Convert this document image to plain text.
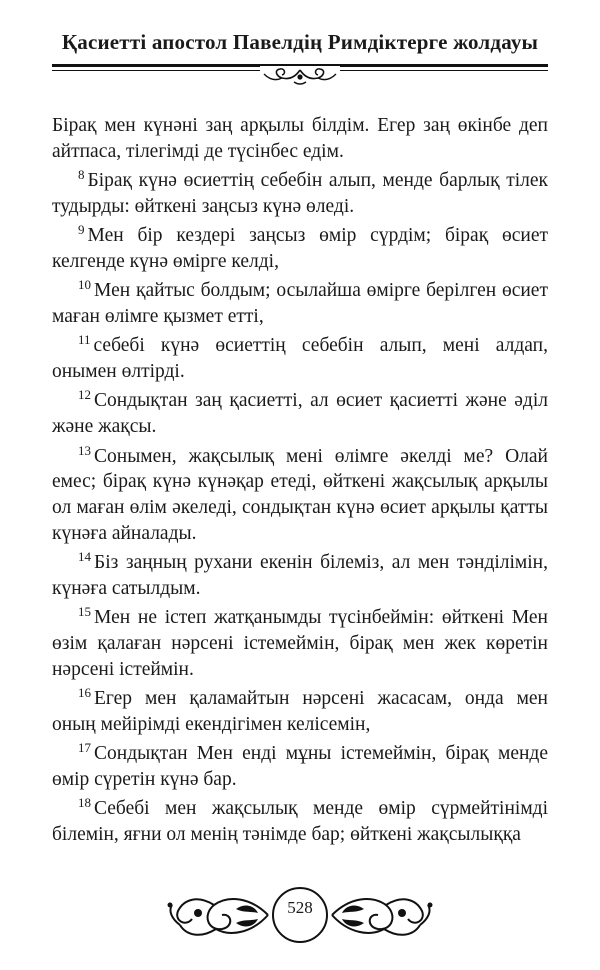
Қасиетті апостол Павелдің Римдіктерге жолдауы

Бірақ мен күнәні заң арқылы білдім. Егер заң өкінбе деп айтпаса, тілегімді де түсінбес едім.

$^8$ Бірақ күнә өсиеттің себебін алып, менде барлық тілек тудырды: өйткені заңсыз күнә өледі.

$^9$ Мен бір кездері заңсыз өмір сүрдім; бірақ өсиет келгенде күнә өмірге келді,

$^{10}$ Мен қайтыс болдым; осылайша өмірге берілген өсиет маған өлімге қызмет етті,

$^{11}$ себебі күнә өсиеттің себебін алып, мені алдап, онымен өлтірді.

$^{12}$ Сондықтан заң қасиетті, ал өсиет қасиетті және әділ және жақсы.

$^{13}$ Сонымен, жақсылық мені өлімге әкелді ме? Олай емес; бірақ күнә күнәқар етеді, өйткені жақсылық арқылы ол маған өлім әкеледі, сондықтан күнә өсиет арқылы қатты күнәға айналады.

$^{14}$ Біз заңның рухани екенін білеміз, ал мен тәнділімін, күнәға сатылдым.

$^{15}$ Мен не істеп жатқанымды түсінбеймін: өйткені Мен өзім қалаған нәрсені істемеймін, бірақ мен жек көретін нәрсені істеймін.

$^{16}$ Егер мен қаламайтын нәрсені жасасам, онда мен оның мейірімді екендігімен келісемін,

$^{17}$ Сондықтан Мен енді мұны істемеймін, бірақ менде өмір сүретін күнә бар.

$^{18}$ Себебі мен жақсылық менде өмір сүрмейтінімді білемін, яғни ол менің тәнімде бар; өйткені жақсылыққа

528
